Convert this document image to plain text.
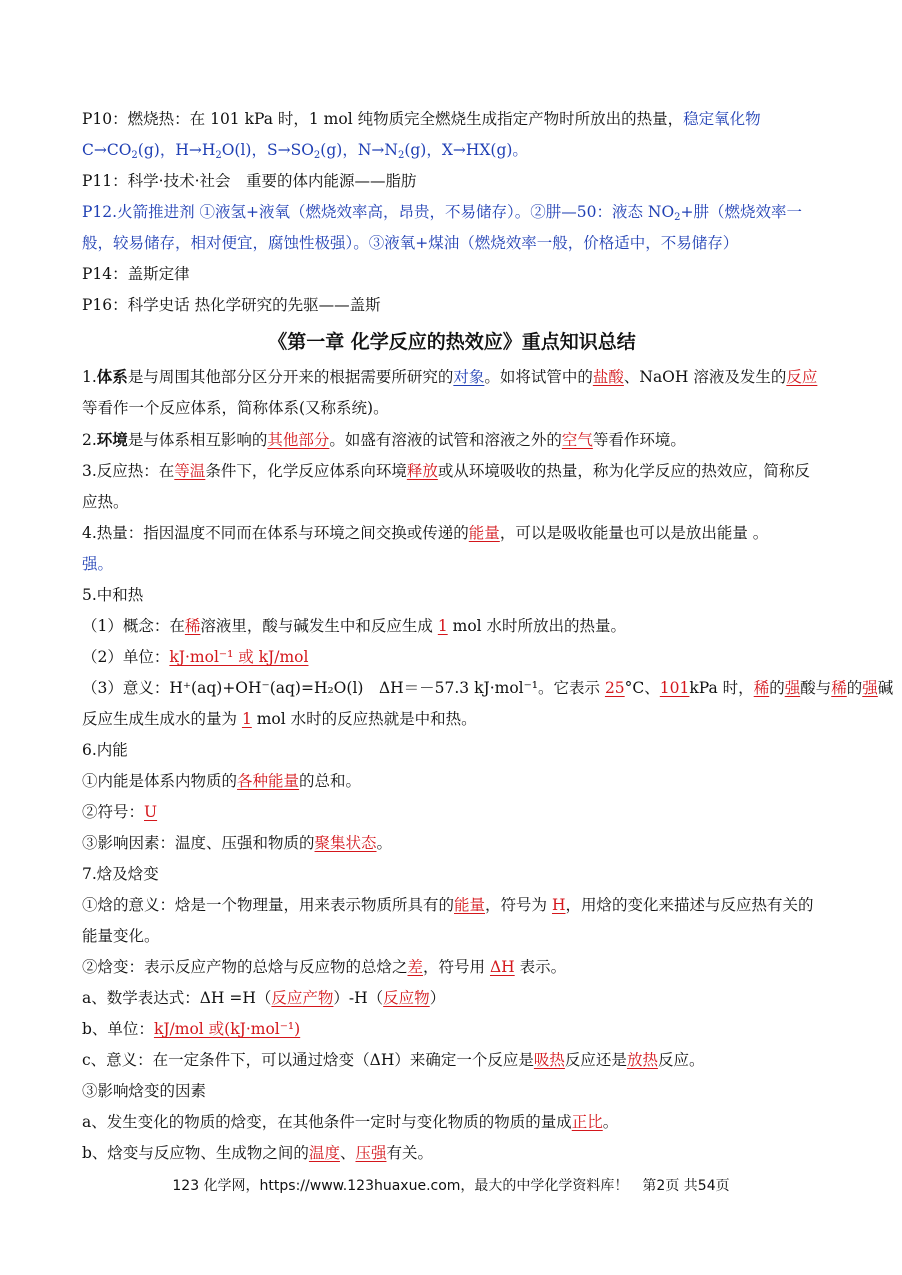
P10：燃烧热：在 101 kPa 时，1 mol 纯物质完全燃烧生成指定产物时所放出的热量，稳定氧化物
$C\to CO_2(g)$，$H\to H_2O(l)$，$S\to SO_2(g)$，$N\to N_2(g)$，X→HX(g)。
P11：科学·技术·社会　重要的体内能源——脂肪
P12.火箭推进剂 ①液氢+液氧（燃烧效率高，昂贵，不易储存）。②肼—50：液态 $NO_2+$肼（燃烧效率一般，较易储存，相对便宜，腐蚀性极强）。③液氧+煤油（燃烧效率一般，价格适中，不易储存）
P14：盖斯定律
P16：科学史话 热化学研究的先驱——盖斯
《第一章 化学反应的热效应》重点知识总结
1.体系是与周围其他部分区分开来的根据需要所研究的对象。如将试管中的盐酸、NaOH 溶液及发生的反应等看作一个反应体系，简称体系(又称系统)。
2.环境是与体系相互影响的其他部分。如盛有溶液的试管和溶液之外的空气等看作环境。
3.反应热：在等温条件下，化学反应体系向环境释放或从环境吸收的热量，称为化学反应的热效应，简称反应热。
4.热量：指因温度不同而在体系与环境之间交换或传递的能量，可以是吸收能量也可以是放出能量 。
强。
5.中和热
（1）概念：在稀溶液里，酸与碱发生中和反应生成 1 mol 水时所放出的热量。
（2）单位：kJ·mol⁻¹ 或 kJ/mol
（3）意义：H⁺(aq)+OH⁻(aq)=H₂O(l)　ΔH＝－57.3 kJ·mol⁻¹。它表示 25°C、101kPa 时，稀的强酸与稀的强碱
反应生成生成水的量为 1 mol 水时的反应热就是中和热。
6.内能
①内能是体系内物质的各种能量的总和。
②符号：U
③影响因素：温度、压强和物质的聚集状态。
7.焓及焓变
①焓的意义：焓是一个物理量，用来表示物质所具有的能量，符号为 H，用焓的变化来描述与反应热有关的能量变化。
②焓变：表示反应产物的总焓与反应物的总焓之差，符号用 ΔH 表示。
a、数学表达式：ΔH =H（反应产物）-H（反应物）
b、单位：kJ/mol 或(kJ·mol⁻¹)
c、意义：在一定条件下，可以通过焓变（ΔH）来确定一个反应是吸热反应还是放热反应。
③影响焓变的因素
a、发生变化的物质的焓变，在其他条件一定时与变化物质的物质的量成正比。
b、焓变与反应物、生成物之间的温度、压强有关。
123 化学网，https://www.123huaxue.com，最大的中学化学资料库！　第2页 共54页
